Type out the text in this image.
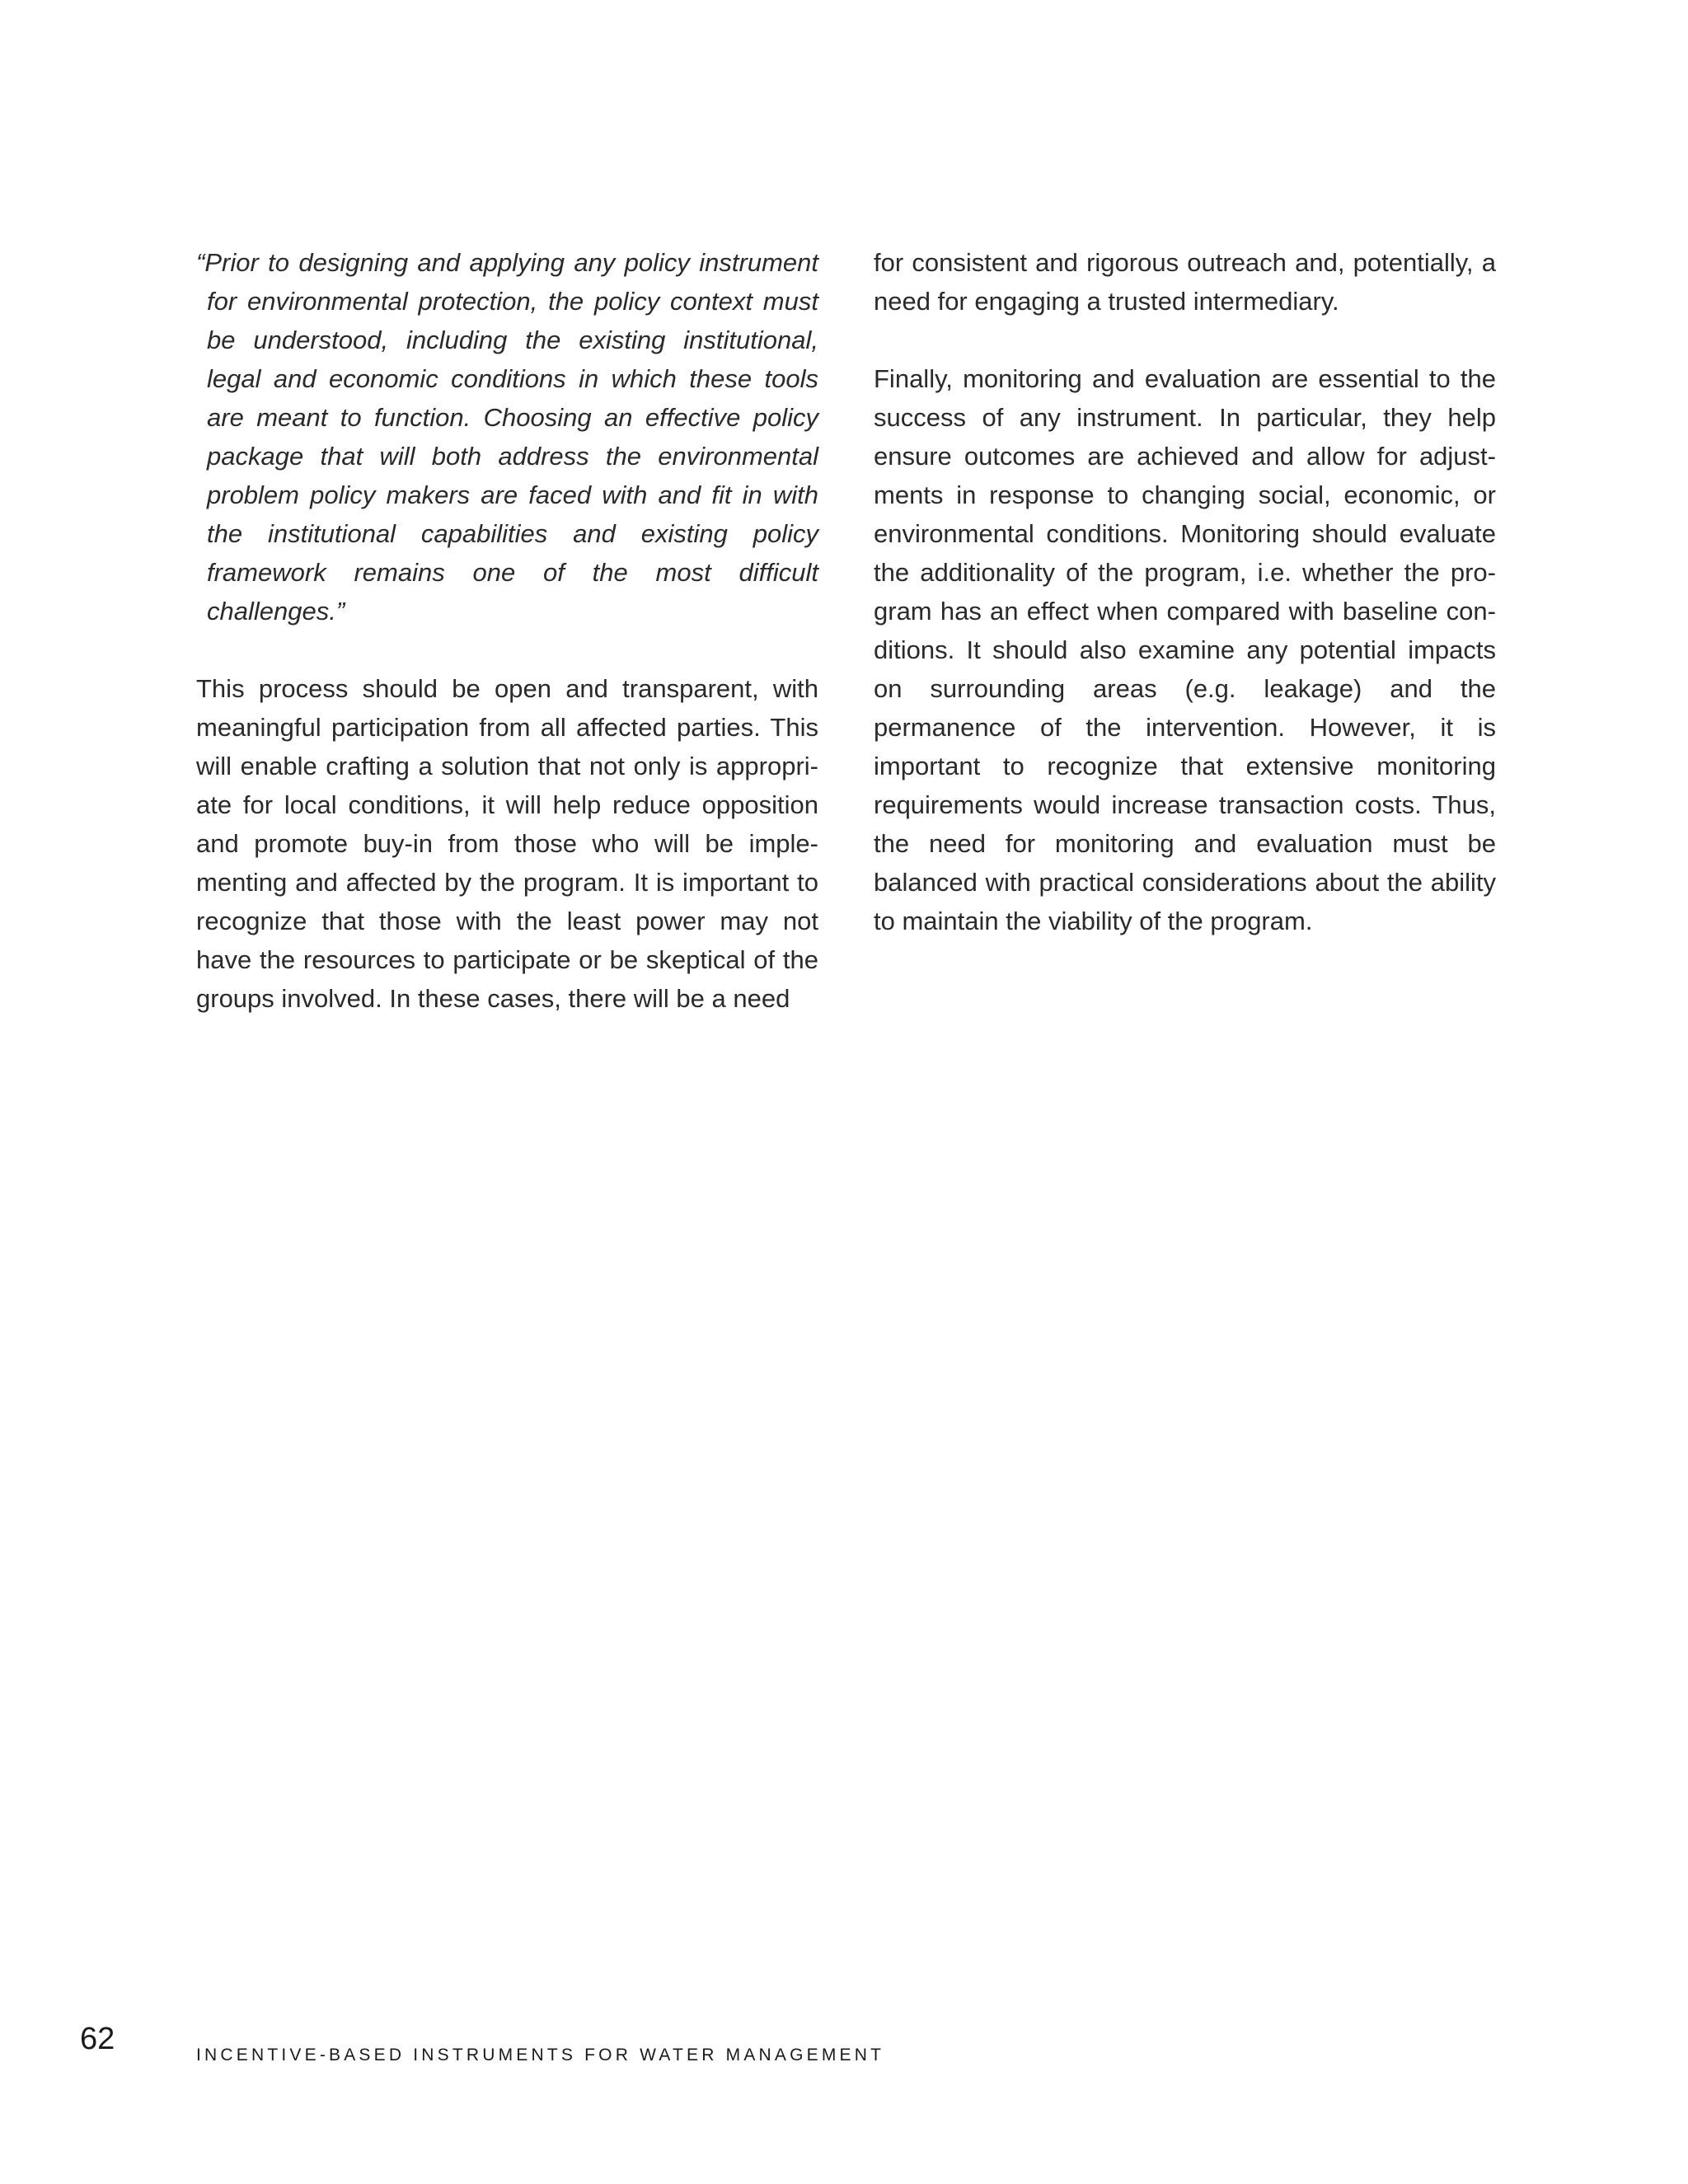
“Prior to designing and applying any policy instrument for environmental protection, the policy context must be understood, including the existing institutional, legal and economic conditions in which these tools are meant to function. Choosing an effective policy package that will both address the environmental problem policy makers are faced with and fit in with the institutional capabilities and existing policy framework remains one of the most difficult challenges.”

This process should be open and transparent, with meaningful participation from all affected parties. This will enable crafting a solution that not only is appropriate for local conditions, it will help reduce opposition and promote buy-in from those who will be implementing and affected by the program. It is important to recognize that those with the least power may not have the resources to participate or be skeptical of the groups involved. In these cases, there will be a need

for consistent and rigorous outreach and, potentially, a need for engaging a trusted intermediary.

Finally, monitoring and evaluation are essential to the success of any instrument. In particular, they help ensure outcomes are achieved and allow for adjustments in response to changing social, economic, or environmental conditions. Monitoring should evaluate the additionality of the program, i.e. whether the program has an effect when compared with baseline conditions. It should also examine any potential impacts on surrounding areas (e.g. leakage) and the permanence of the intervention. However, it is important to recognize that extensive monitoring requirements would increase transaction costs. Thus, the need for monitoring and evaluation must be balanced with practical considerations about the ability to maintain the viability of the program.

62	INCENTIVE-BASED INSTRUMENTS FOR WATER MANAGEMENT
